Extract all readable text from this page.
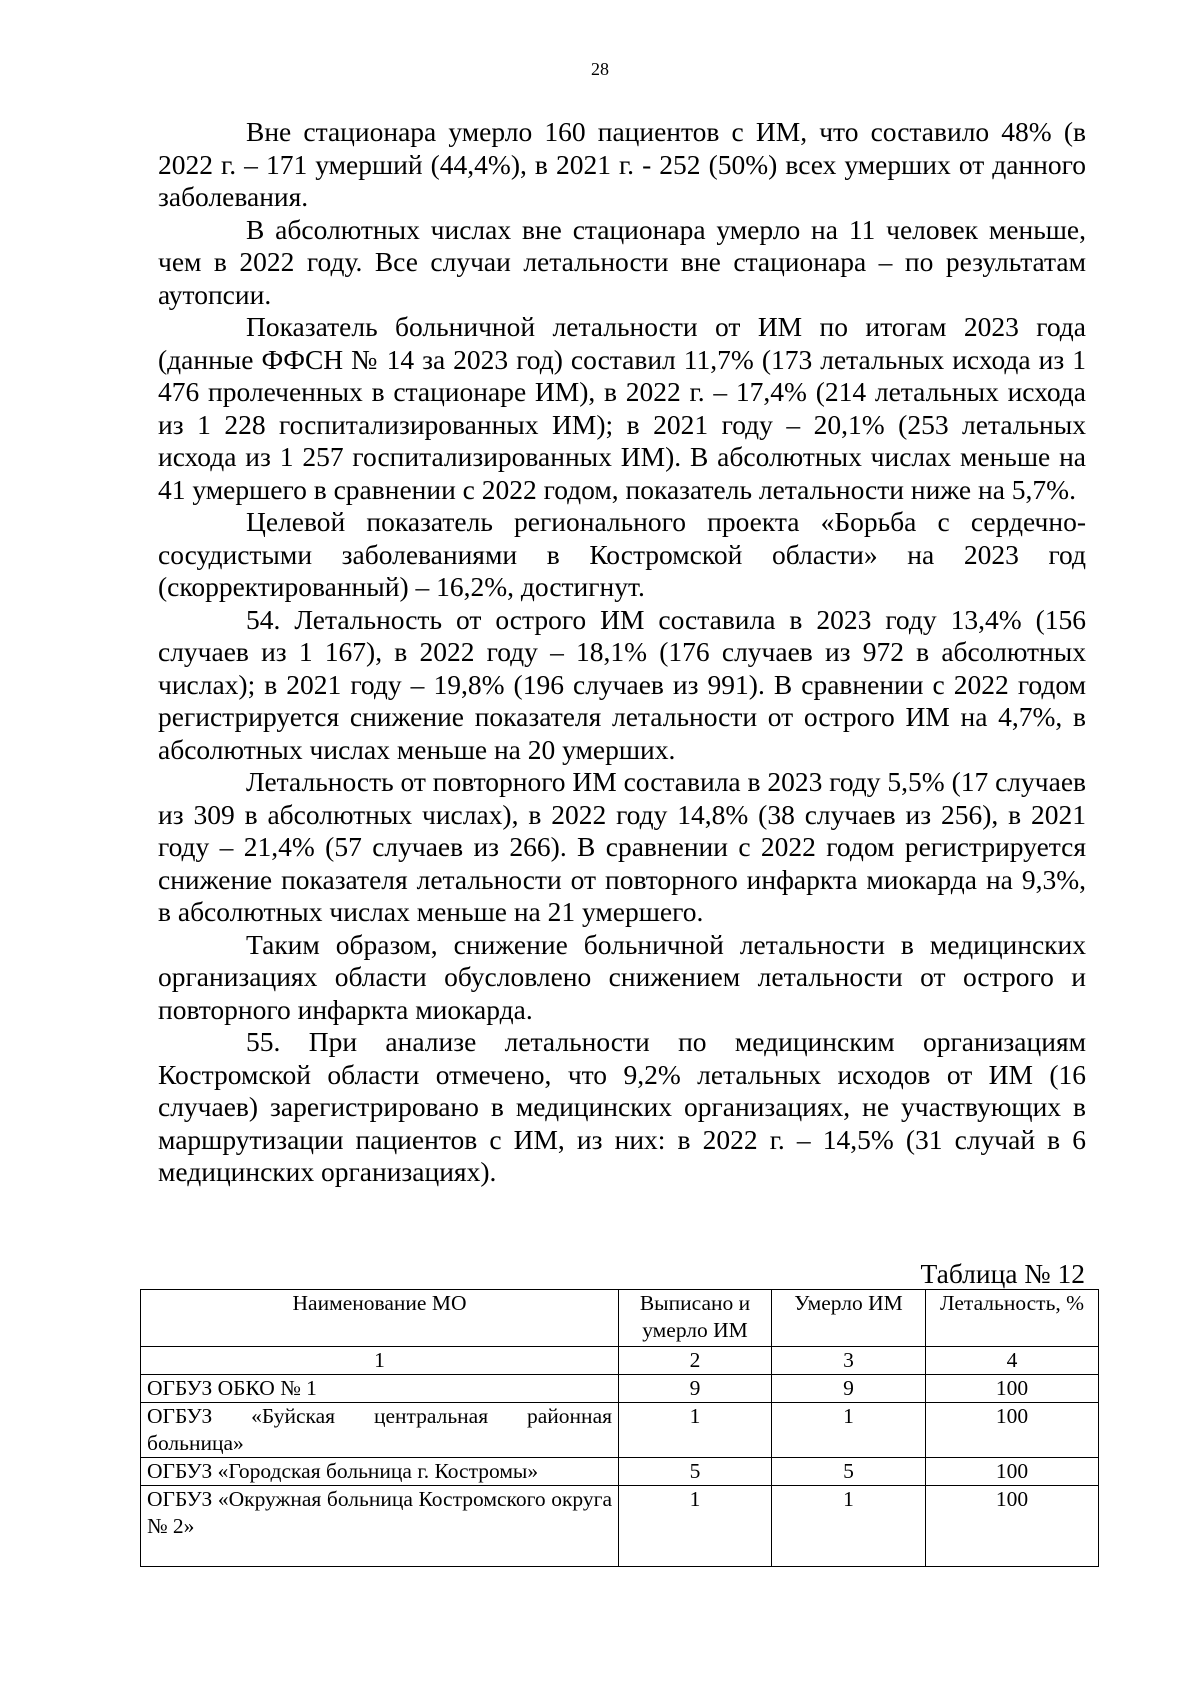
28

Вне стационара умерло 160 пациентов с ИМ, что составило 48% (в 2022 г. – 171 умерший (44,4%), в 2021 г. - 252 (50%) всех умерших от данного заболевания.

В абсолютных числах вне стационара умерло на 11 человек меньше, чем в 2022 году. Все случаи летальности вне стационара – по результатам аутопсии.

Показатель больничной летальности от ИМ по итогам 2023 года (данные ФФСН № 14 за 2023 год) составил 11,7% (173 летальных исхода из 1 476 пролеченных в стационаре ИМ), в 2022 г. – 17,4% (214 летальных исхода из 1 228 госпитализированных ИМ); в 2021 году – 20,1% (253 летальных исхода из 1 257 госпитализированных ИМ). В абсолютных числах меньше на 41 умершего в сравнении с 2022 годом, показатель летальности ниже на 5,7%.

Целевой показатель регионального проекта «Борьба с сердечно-сосудистыми заболеваниями в Костромской области» на 2023 год (скорректированный) – 16,2%, достигнут.

54. Летальность от острого ИМ составила в 2023 году 13,4% (156 случаев из 1 167), в 2022 году – 18,1% (176 случаев из 972 в абсолютных числах); в 2021 году – 19,8% (196 случаев из 991). В сравнении с 2022 годом регистрируется снижение показателя летальности от острого ИМ на 4,7%, в абсолютных числах меньше на 20 умерших.

Летальность от повторного ИМ составила в 2023 году 5,5% (17 случаев из 309 в абсолютных числах), в 2022 году 14,8% (38 случаев из 256), в 2021 году – 21,4% (57 случаев из 266). В сравнении с 2022 годом регистрируется снижение показателя летальности от повторного инфаркта миокарда на 9,3%, в абсолютных числах меньше на 21 умершего.

Таким образом, снижение больничной летальности в медицинских организациях области обусловлено снижением летальности от острого и повторного инфаркта миокарда.

55. При анализе летальности по медицинским организациям Костромской области отмечено, что 9,2% летальных исходов от ИМ (16 случаев) зарегистрировано в медицинских организациях, не участвующих в маршрутизации пациентов с ИМ, из них: в 2022 г. – 14,5% (31 случай в 6 медицинских организациях).

Таблица № 12
Наименование МО	Выписано и умерло ИМ	Умерло ИМ	Летальность, %
1	2	3	4
ОГБУЗ ОБКО № 1	9	9	100
ОГБУЗ «Буйская центральная районная больница»	1	1	100
ОГБУЗ «Городская больница г. Костромы»	5	5	100
ОГБУЗ «Окружная больница Костромского округа № 2»	1	1	100
